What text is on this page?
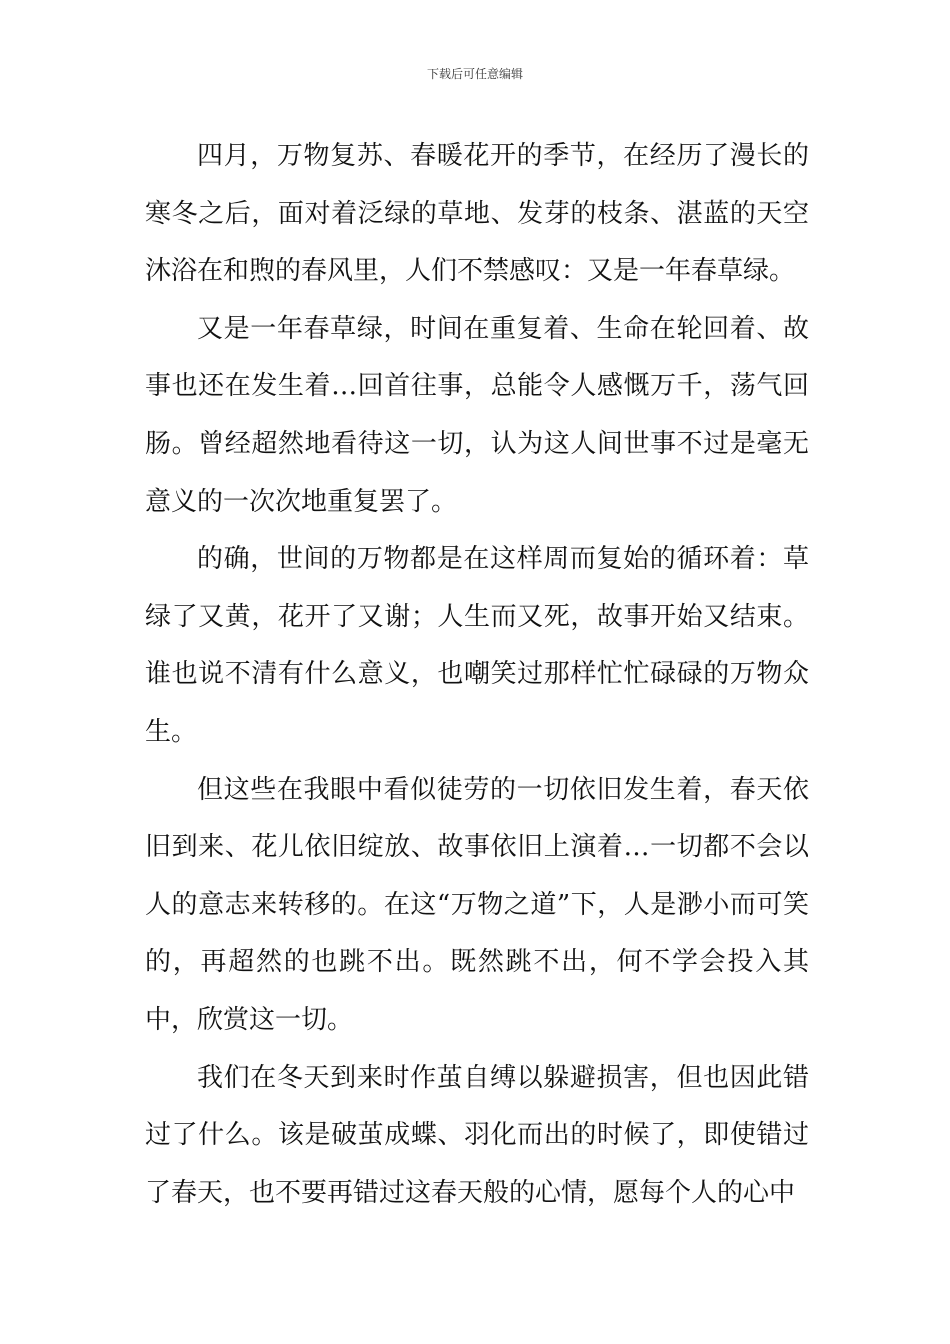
下载后可任意编辑

四月，万物复苏、春暖花开的季节，在经历了漫长的寒冬之后，面对着泛绿的草地、发芽的枝条、湛蓝的天空沐浴在和煦的春风里，人们不禁感叹：又是一年春草绿。

又是一年春草绿，时间在重复着、生命在轮回着、故事也还在发生着…回首往事，总能令人感慨万千，荡气回肠。曾经超然地看待这一切，认为这人间世事不过是毫无意义的一次次地重复罢了。

的确，世间的万物都是在这样周而复始的循环着：草绿了又黄，花开了又谢；人生而又死，故事开始又结束。谁也说不清有什么意义，也嘲笑过那样忙忙碌碌的万物众生。

但这些在我眼中看似徒劳的一切依旧发生着，春天依旧到来、花儿依旧绽放、故事依旧上演着…一切都不会以人的意志来转移的。在这“万物之道”下，人是渺小而可笑的，再超然的也跳不出。既然跳不出，何不学会投入其中，欣赏这一切。

我们在冬天到来时作茧自缚以躲避损害，但也因此错过了什么。该是破茧成蝶、羽化而出的时候了，即使错过了春天，也不要再错过这春天般的心情，愿每个人的心中
